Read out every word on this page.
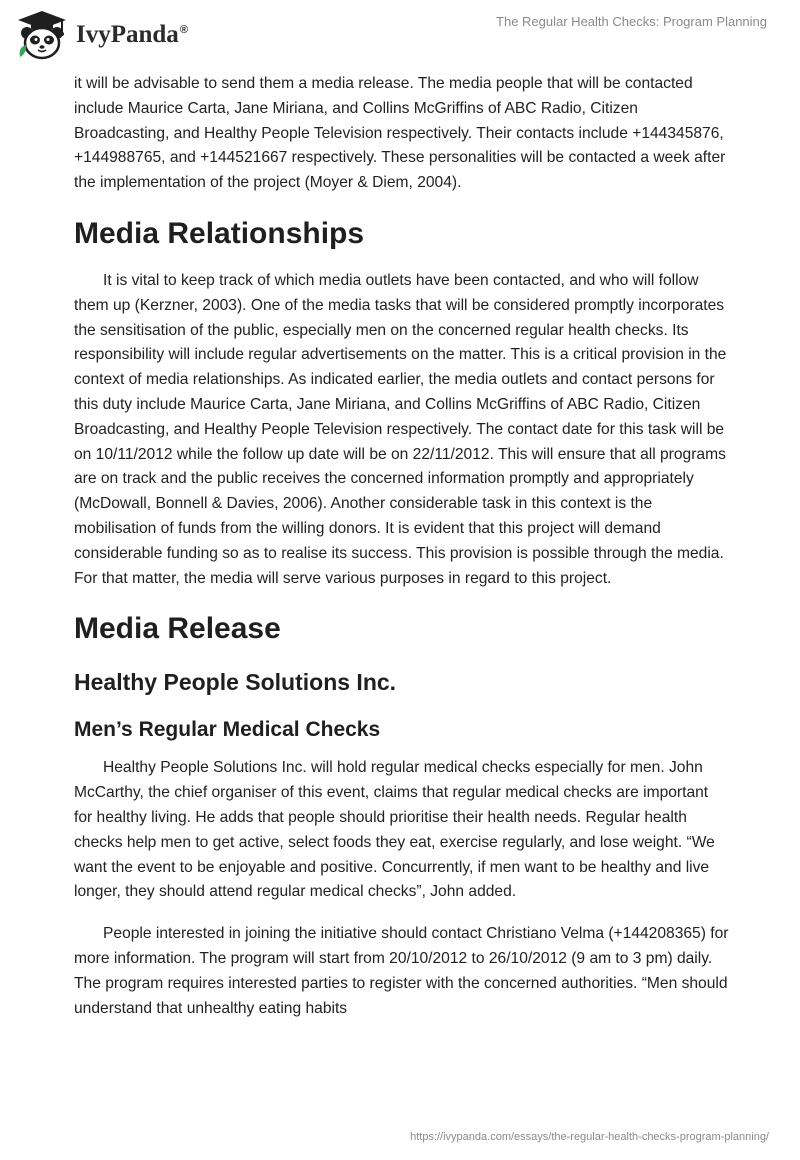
IvyPanda®
The Regular Health Checks: Program Planning

it will be advisable to send them a media release. The media people that will be contacted include Maurice Carta, Jane Miriana, and Collins McGriffins of ABC Radio, Citizen Broadcasting, and Healthy People Television respectively. Their contacts include +144345876, +144988765, and +144521667 respectively. These personalities will be contacted a week after the implementation of the project (Moyer & Diem, 2004).

Media Relationships

It is vital to keep track of which media outlets have been contacted, and who will follow them up (Kerzner, 2003). One of the media tasks that will be considered promptly incorporates the sensitisation of the public, especially men on the concerned regular health checks. Its responsibility will include regular advertisements on the matter. This is a critical provision in the context of media relationships. As indicated earlier, the media outlets and contact persons for this duty include Maurice Carta, Jane Miriana, and Collins McGriffins of ABC Radio, Citizen Broadcasting, and Healthy People Television respectively. The contact date for this task will be on 10/11/2012 while the follow up date will be on 22/11/2012. This will ensure that all programs are on track and the public receives the concerned information promptly and appropriately (McDowall, Bonnell & Davies, 2006). Another considerable task in this context is the mobilisation of funds from the willing donors. It is evident that this project will demand considerable funding so as to realise its success. This provision is possible through the media. For that matter, the media will serve various purposes in regard to this project.

Media Release
Healthy People Solutions Inc.
Men’s Regular Medical Checks

Healthy People Solutions Inc. will hold regular medical checks especially for men. John McCarthy, the chief organiser of this event, claims that regular medical checks are important for healthy living. He adds that people should prioritise their health needs. Regular health checks help men to get active, select foods they eat, exercise regularly, and lose weight. “We want the event to be enjoyable and positive. Concurrently, if men want to be healthy and live longer, they should attend regular medical checks”, John added.

People interested in joining the initiative should contact Christiano Velma (+144208365) for more information. The program will start from 20/10/2012 to 26/10/2012 (9 am to 3 pm) daily. The program requires interested parties to register with the concerned authorities. “Men should understand that unhealthy eating habits

https://ivypanda.com/essays/the-regular-health-checks-program-planning/
